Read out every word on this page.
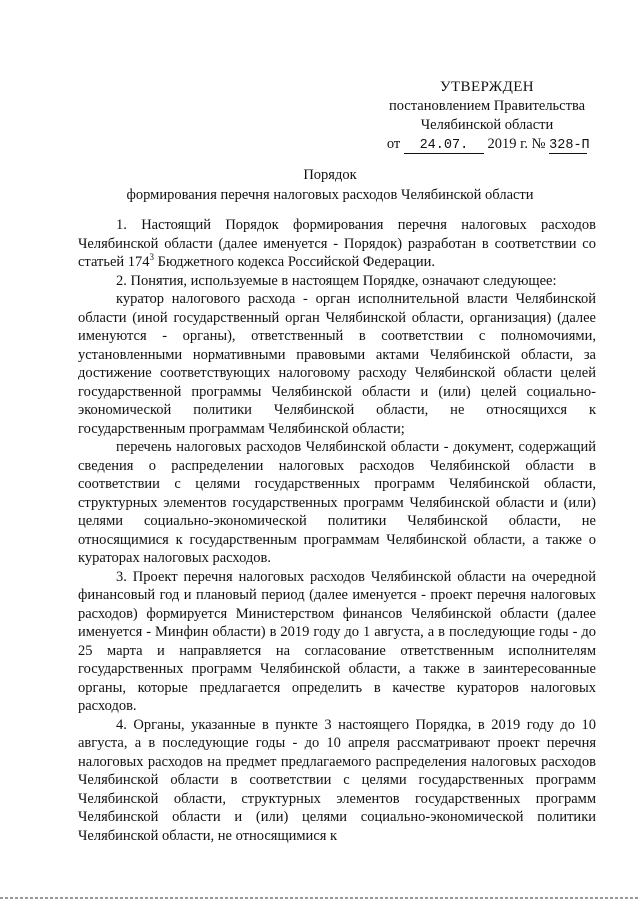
УТВЕРЖДЕН
постановлением Правительства
Челябинской области
от 24.07. 2019 г. № 328-П
Порядок
формирования перечня налоговых расходов Челябинской области

1. Настоящий Порядок формирования перечня налоговых расходов Челябинской области (далее именуется - Порядок) разработан в соответствии со статьей $174^3$ Бюджетного кодекса Российской Федерации.

2. Понятия, используемые в настоящем Порядке, означают следующее:

куратор налогового расхода - орган исполнительной власти Челябинской области (иной государственный орган Челябинской области, организация) (далее именуются - органы), ответственный в соответствии с полномочиями, установленными нормативными правовыми актами Челябинской области, за достижение соответствующих налоговому расходу Челябинской области целей государственной программы Челябинской области и (или) целей социально-экономической политики Челябинской области, не относящихся к государственным программам Челябинской области;

перечень налоговых расходов Челябинской области - документ, содержащий сведения о распределении налоговых расходов Челябинской области в соответствии с целями государственных программ Челябинской области, структурных элементов государственных программ Челябинской области и (или) целями социально-экономической политики Челябинской области, не относящимися к государственным программам Челябинской области, а также о кураторах налоговых расходов.

3. Проект перечня налоговых расходов Челябинской области на очередной финансовый год и плановый период (далее именуется - проект перечня налоговых расходов) формируется Министерством финансов Челябинской области (далее именуется - Минфин области) в 2019 году до 1 августа, а в последующие годы - до 25 марта и направляется на согласование ответственным исполнителям государственных программ Челябинской области, а также в заинтересованные органы, которые предлагается определить в качестве кураторов налоговых расходов.

4. Органы, указанные в пункте 3 настоящего Порядка, в 2019 году до 10 августа, а в последующие годы - до 10 апреля рассматривают проект перечня налоговых расходов на предмет предлагаемого распределения налоговых расходов Челябинской области в соответствии с целями государственных программ Челябинской области, структурных элементов государственных программ Челябинской области и (или) целями социально-экономической политики Челябинской области, не относящимися к
